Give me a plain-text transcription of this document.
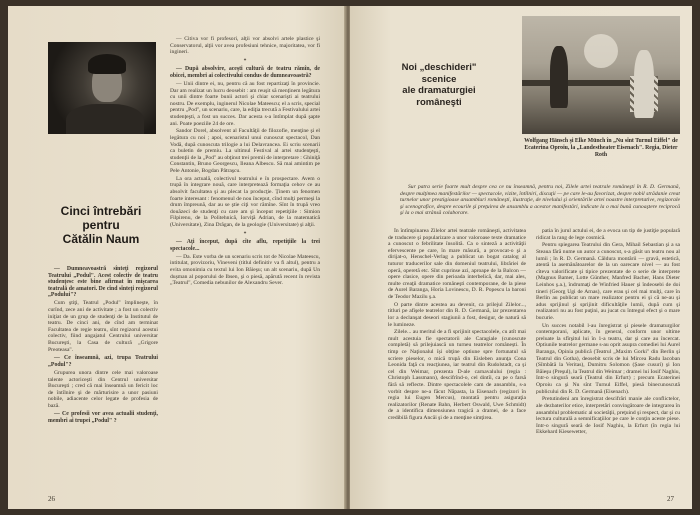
Cinci întrebări
pentru
Cătălin Naum

— Dumneavoastră sînteţi regizorul Teatrului „Podul". Acest colectiv de teatru studenţesc este bine afirmat în mişcarea teatrală de amatori. De cînd sînteţi regizorul „Podului"?

Cum ştiţi, Teatrul „Podul" împlineşte, în curînd, zece ani de activitate ; a fost un colectiv iniţiat de un grup de studenţi de la Institutul de teatru. De cinci ani, de cînd am terminat Facultatea de regie teatru, sînt regizorul acestui colectiv, fiind angajatul Centrului universitar Bucureşti, la Casa de cultură „Grigore Preoteasa".

— Ce înseamnă, azi, trupa Teatrului „Podul"?

Grupurea unora dintre cele mai valoroase talente actoriceşti din Centrul universitar Bucureşti ; cred că mai înseamnă un fericit loc de întîlnire şi de mărturisire a unor pasiuni nobile, adiacente celor legate de profesia de bază.

— Ce profesii vor avea actualii studenţi, membri ai trupei „Podul" ?

— Citiva vor fi profesori, alţii vor absolvi artele plastice şi Conservatorul, alţii vor avea profesiuni tehnice, majoritatea, vor fi ingineri.

*

— După absolvire, aceşti cultură de teatru rămîn, de obicei, membri ai colectivului condus de dumneavoastră?

— Unii dintre ei, nu, pentru că au fost repartizaţi în provincie. Dar am realizat un lucru deosebit : am reuşit să menţinem legătura cu unii dintre foarte bunii actori şi chiar scenarişti ai teatrului nostru. De exemplu, inginerul Nicolae Mateescu; el a scris, special pentru „Pod", un scenariu, care, la ediţia trecută a Festivalului artei studenţeşti, a fost un succes. Dar acesta s-a întîmplat după şapte ani. Poate poeziile 24 de ore.

Sandor Dorel, absolvent al Facultăţii de filozofie, menţine şi el legătura cu noi ; apoi, scenaristul unui cunoscut spectacol, Dan Vodă, după cunoscuta trilogie a lui Delavrancea. Ei scriu scenarii ca buletin de premiu. La ultimul Festival al artei studenţeşti, studenţii de la „Pod" au obţinut trei premii de interpretare : Ghiniţă Constantin, Bruno Georgescu, Ileana Albescu. Să mai amintim pe Pele Antonie, Bogdan Pâtraşcu.

La ora actuală, colectivul teatrului e în prospectare. Avem o trupă în integrare nouă, care interpretează formaţia cehov ce au absolvit facultatea şi au plecat la producţie. Ţinem un fenomen foarte interesant : fenomenul de nou început, cînd mulţi permeşi la drum împreună, dar au se ştie ciţi vor rămîne. Sînt în trupă vreo douăzeci de studenţi cu care am şi început repetiţiile : Simion Filpirenu, de la Politehnică, Iorviţă Adrian, de la matematică (Universitate), Zina Drăgan, de la geologie (Universitate) şi alţii.

*

— Aţi început, după cîte aflu, repetiţiile la trei spectacole...

— Da. Este vorba de un scenariu scris tot de Nicolae Mateescu, intitulat, provizoriu, Vineveni (titlul definitiv va fi altul), pentru a evita omonimia cu textul lui Ion Băieşu; un alt scenariu, după Un dușman al poporului de Ibsen, şi o piesă, apărută recent în revista „Teatrul", Comedia nebunilor de Alexandru Sever.

26
Noi „deschideri"
scenice
ale dramaturgiei
româneşti
Wolfgang Hänsch şi Elke Münch în „Nu sînt Turnul Eiffel" de Ecaterina Oproiu, la „Landestheater Eisenach". Regia, Dieter Roth
Sur patra serie foarte mult despre cea ce nu înseamnă, pentru noi, Zilele artei teatrale româneşti în R. D. Germană, despre mulţimea manifestărilor — spectacole, vizite, întîlniri, discuţii — pe care le-au favorizat, despre nobil strădanie creat turnelor unor prestigioase ansambluri româneşti, ilustraţie, de nivelului şi orientările artei noastre interpretative, regizorale şi scenografice, despre ecourile şi preţuirea de ansamblu a acestor manifestări, indicate la o mai bună cunoaştere reciprocă şi la o mai strânsă colaborare.

În întîmpinarea Zilelor artei teatrale româneşti, activitatea de traducere şi popularizare a unor valoroase texte dramatice a cunoscut o febrilitate însolită. Ca o sinteză a activităţii efervescente pe care, în mare măsură, a provocat-o şi a dirijat-o, Henschel-Verlag a publicat un bogat catalog al tuturor traducerilor sale din domeniul teatrului, librăriei de operă, operetă etc. Sînt cuprinse azi, aproape de la Balcon — opere clasice, opere din perioada interbelică, dar, mai ales, multe creaţii dramatice româneşti contemporane, de la piese de Aurel Baranga, Horia Lovinescu, D. R. Popescu la baroni de Teodor Mazilu ş.a.

O parte dintre acestea au devenit, ca prilejul Zilelor..., titluri pe afişele teatrelor din R. D. Germană, iar prezentarea lor a declanşat deseori stagiunii a fost, desigur, de natură să le lumineze.

Zilele... au meritul de a fi sprijinit spectacolele, cu atît mai mult acestuia fie spectatorii ale Caragiale (cunoscute completă) să prilejuiască un turneu teatrelor românești. În timp ce Naţionalul își obţine optiune spre fortunatul să scriere pieselor, o mică trupă din Eisleben anunţa Cona Leonida faţă cu reacţiunea, iar teatrul din Rudolstadt, ca şi cel din Weimar, prezenta D-ale carnavalului (regia : Christoph Lassmann), descifrînd-o, cel dintîi, ca pe o farsă fără să reflecte. Dintre spectacolele cam de ansamblu, s-a vorbit despre ne-a făcut Năpasta, la Eisenach (regizori în regia lui Eugen Mercus), montată pentru asiguraţia realizatorilor (Renate Bahn, Herbert Oswald, Uwe Schmidt) de a identifica dimensiunea tragică a dramei, de a face credibilă figura Ancăi şi de a menţine simţirea.

patia în jurul actului ei, de a evoca un tip de justiţie populară ridicat la rang de lege cosmică.

Pentru spiegarea Teatrului din Gera, Mihail Sebastian şi a sa Steaua fără nume un autor a cunoscut, s-a găsit un teatru nou al lumii ; în R. D. Germană. Căldura montării — gravă, estetică, atentă la asemănătoarelor de la un oarecare nivel — au fost cîteva valorificate şi tipice prezentate de o serie de interprete (Magnus Bamer, Lotte Günther, Manfred Bacher, Hans Dieter Leinhos ş.a.), îndrumaţi de Winfried Hauer şi îndeosebi de doi tineri (Georg Ugi de Arnas), care erau şi cel mai mulţi, care în Berlin au publicat un mare realizator pentru ei şi că ne-au şi adus sprijinul şi sprijinit dificultăţile lumii, după cum şi realizatori nu au fost puţini, au jucat cu întregul efect şi o mare bucurie.

Un succes notabil l-au înregistrat şi piesele dramaturgilor contemporani, aplicate, în general, conform unor ultime preluate la sfîrşitul lui în 1-a teatru, dar şi care au încercat. Optiunile teatrelor germane s-au oprit asupra comediei lui Aurel Baranga, Opinia publică (Teatrul „Maxim Gorki" din Berlin şi Teatrul din Gotha), deosebit scris de lui Mircea Radu Iacoban (Sîmbătă la Veritas), Dumitru Solomon (Șase cusuri) şi Ion Băieşu (Preşul), la Teatrul din Weimar ; dramei lui Iosif Naghiu, Intr-o singură seară (Teatrul din Erfurt) ; precum Ecaterinei Oproiu ca şi Nu sînt Turnul Eiffel, piesă binecunoscută publicului din R. D. Germană (Eisenach).

Pretutindeni am înregistrat descifrări manie ale conflictelor, ale dezbaterilor etice, interpretări convingătoare de integrarea în ansamblul problematic al societăţii, preţuind şi respect, dar şi cu lectura culturală a semnificaţiilor pe care le conţin aceste piese. Intr-o singură seară de Iosif Naghiu, la Erfurt (în regia lui Ekkehard Kiesewetter,

27
